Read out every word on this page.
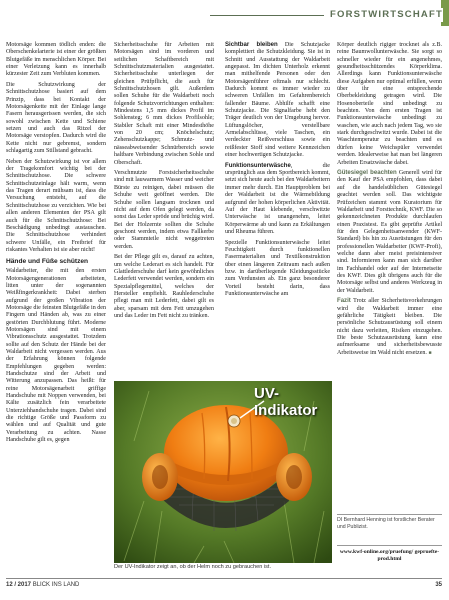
FORSTWIRTSCHAFT

Motorsäge kommen tödlich enden: die Oberschenkelarterie ist einer der größten Blutgefäße im menschlichen Körper. Bei einer Verletzung kann es innerhalb kürzester Zeit zum Verbluten kommen.

Die Schutzwirkung der Schnittschutzhose basiert auf dem Prinzip, dass bei Kontakt der Motorsägenkette mit der Einlage lange Fasern herausgerissen werden, die sich sowohl zwischen Kette und Schiene setzen und auch das Ritzel der Motorsäge verstopfen. Dadurch wird die Kette nicht nur gebremst, sondern schlagartig zum Stillstand gebracht.

Neben der Schutzwirkung ist vor allem der Tragekomfort wichtig bei der Schnittschutzhose. Die schwere Schnittschutzeinlage hält warm, wenn das Tragen derart mühsam ist, dass die Versuchung entsteht, auf die Schnittschutzhose zu verzichten. Wie bei allen anderen Elementen der PSA gilt auch für die Schnittschutzhose: Bei Beschädigung unbedingt austauschen. Die Schnittschutzhose verhindert schwere Unfälle, ein Freibrief für riskantes Verhalten ist sie aber nicht!

Hände und Füße schützen

Waldarbeiter, die mit den ersten Motorsägengenerationen arbeiteten, litten unter der sogenannten Weißfingerkrankheit: Dabei sterben aufgrund der großen Vibration der Motorsäge die feinsten Blutgefäße in den Fingern und Händen ab, was zu einer gestörten Durchblutung führt. Moderne Motorsägen sind mit einem Vibrationsschutz ausgestattet. Trotzdem sollte auf den Schutz der Hände bei der Waldarbeit nicht vergessen werden. Aus der Erfahrung können folgende Empfehlungen gegeben werden: Handschutze sind der Arbeit und Witterung anzupassen. Das heißt: für reine Motorsägenarbeit griffige Handschuhe mit Noppen verwenden, bei Kälte zusätzlich fein verarbeitete Unterziehhandschuhe tragen. Dabei sind die richtige Größe und Passform zu wählen und auf Qualität und gute Verarbeitung zu achten. Nasse Handschuhe gilt es, gegen

Sicherheitsschuhe für Arbeiten mit Motorsägen sind im vorderen und seitlichen Schaftbereich mit Schnittschutzmaterialien ausgestattet. Sicherheitsschuhe unterliegen der gleichen Prüfpflicht, die auch für Schnittschutzhosen gilt. Außerdem sollen Schuhe für die Waldarbeit noch folgende Schutzvorrichtungen enthalten: Mindestens 1,5 mm dickes Profil im Sohlensteg; 6 mm dickes Profilsohle; Stabiler Schaft mit einer Mindesthöhe von 20 cm; Knöchelschutz; Zehenschutzkappe; Schmutz- und nässeabweisender Schnürbereich sowie haltbare Verbindung zwischen Sohle und Oberschaft.

Verschmutzte Forstsicherheitsschuhe sind mit lauwarmem Wasser und weicher Bürste zu reinigen, dabei müssen die Schuhe weit geöffnet werden. Die Schuhe sollen langsam trocknen und nicht auf dem Ofen gelegt werden, da sonst das Leder spröde und brüchig wird. Bei der Holzernte sollten die Schuhe geschont werden, indem etwa Fallkerbe oder Stammteile nicht weggetreten werden.

Bei der Pflege gilt es, darauf zu achten, um welche Lederart es sich handelt. Für Glattlederschuhe darf kein gewöhnliches Lederfett verwendet werden, sondern ein Spezialpflegemittel, welches der Hersteller empfiehlt. Rauhlederschuhe pflegt man mit Lederfett, dabei gilt es aber, sparsam mit dem Fett umzugehen und das Leder im Fett nicht zu tränken.

Sichtbar bleiben Die Schutzjacke komplettiert die Schutzkleidung. Sie ist in Schnitt und Ausstattung der Waldarbeit angepasst. Im dichten Unterholz erkennt man mithelfende Personen oder den Motorsägenführer oftmals nur schlecht. Dadurch kommt es immer wieder zu schweren Unfällen im Gefahrenbereich fallender Bäume. Abhilfe schafft eine Schutzjacke. Die Signalfarbe hebt den Träger deutlich von der Umgebung hervor. Lüftungslöcher, verstellbare Armelabschlüsse, viele Taschen, ein verdeckter Reißverschluss sowie ein reißfester Stoff sind weitere Kennzeichen einer hochwertigen Schutzjacke.

Funktionsunterwäsche, die ursprünglich aus dem Sportbereich kommt, setzt sich heute auch bei den Waldarbeitern immer mehr durch. Ein Hauptproblem bei der Waldarbeit ist die Wärmebildung aufgrund der hohen körperlichen Aktivität. Auf der Haut klebende, verschwitzte Unterwäsche ist unangenehm, leitet Körperwärme ab und kann zu Erkältungen und Rheuma führen.

Spezielle Funktionsunterwäsche leitet Feuchtigkeit durch funktionellen Fasermaterialien und Textilkonstruktion über einen längeren Zeitraum nach außen bzw. in darüberliegende Kleidungsstücke zum Verdunsten ab. Ein ganz besonderer Vorteil besteht darin, dass Funktionsunterwäsche am

Körper deutlich rigiger trocknet als z.B. reine Baumwollunterwäsche. Sie sorgt so schneller wieder für ein angenehmes, gesundheitsschützendes Körperklima. Allerdings kann Funktionsunterwäsche diese Aufgaben nur optimal erfüllen, wenn über ihr eine entsprechende Oberbekleidung getragen wird. Die Hosenoberteile sind unbedingt zu beachten. Von dem ersten Tragen ist Funktionsunterwäsche unbedingt zu waschen, wie auch nach jedem Tag, wo sie stark durchgeschwitzt wurde. Dabei ist die Waschtemperatur zu beachten und es dürfen keine Weichspüler verwendet werden. Idealerweise hat man bei längeren Arbeiten Ersatzwäsche dabei.

Gütesiegel beachten Generell wird für den Kauf der PSA empfohlen, dass dabei auf die handelsüblichen Gütesiegel geachtet werden soll. Das wichtigste Prüfzeichen stammt vom Kuratorium für Waldarbeit und Forsttechnik, KWF. Die so gekennzeichneten Produkte durchlaufen einen Praxistest. Es gibt geprüfte Artikel für den Gelegenheitsanwender (KWF-Standard) bis hin zu Ausrüstungen für den professionellen Waldarbeiter (KWF-Profi), welche dann aber meist preisintensiver sind. Informieren kann man sich darüber im Fachhandel oder auf der Internetseite des KWF. Dies gilt übrigens auch für die Motorsäge selbst und anderes Werkzeug in der Waldarbeit.

Fazit Trotz aller Sicherheitsvorkehrungen wird die Waldarbeit immer eine gefährliche Tätigkeit bleiben. Die persönliche Schutzausrüstung soll einem nicht dazu verleiten, Risiken einzugehen. Die beste Schutzausrüstung kann eine aufmerksame und sicherheitsbewusste Arbeitsweise im Wald nicht ersetzen. ■

UV-Indikator
Der UV-Indikator zeigt an, ob der Helm noch zu gebrauchen ist.
DI Bernhard Henning ist forstlicher Berater und Publizist.
www.kwf-online.org/pruefung/ gepruefte-prod.html
12 / 2017 BLICK INS LAND	35
